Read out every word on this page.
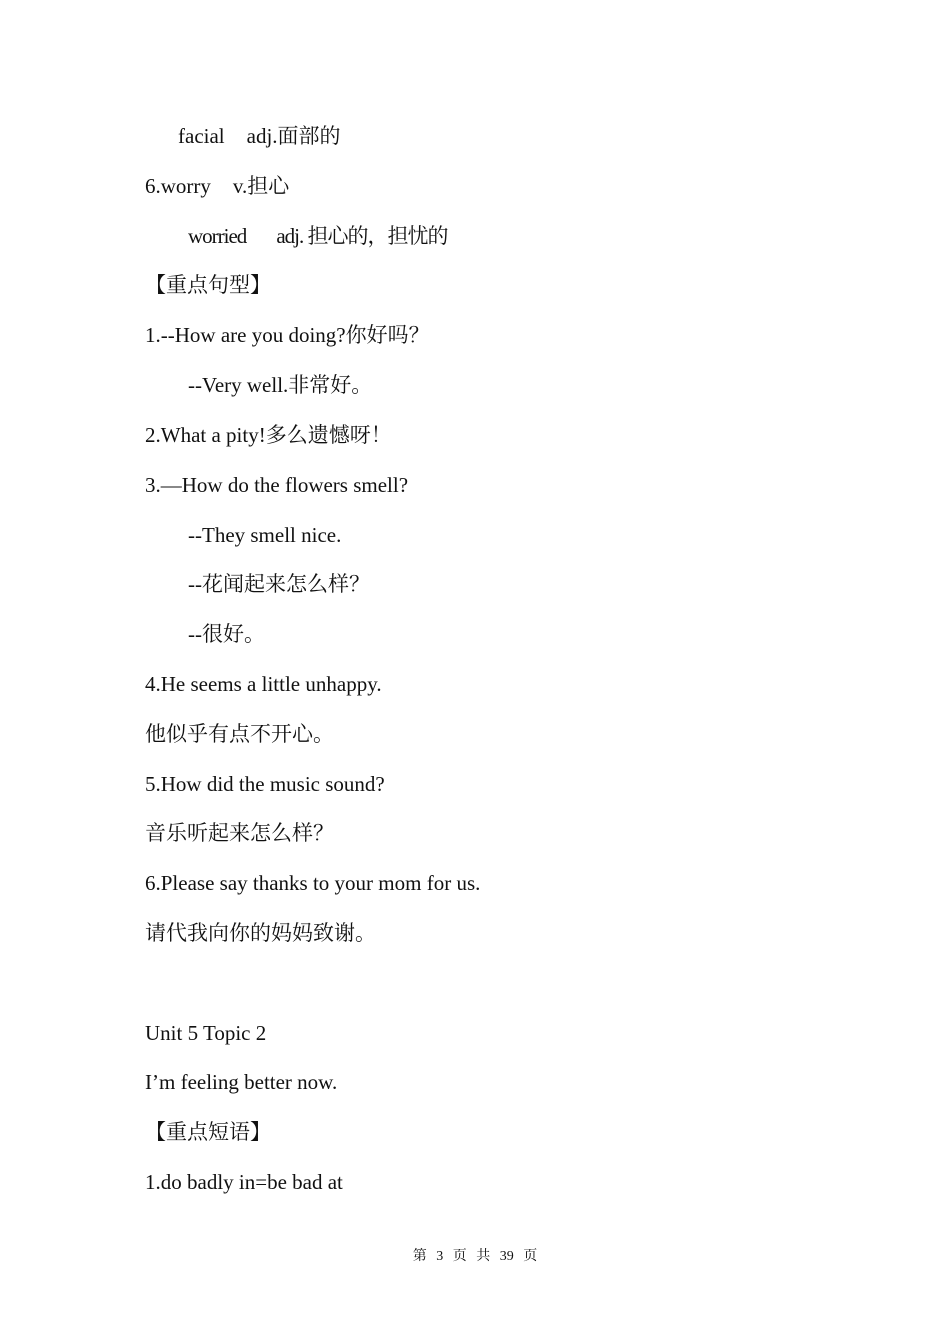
facial adj.面部的
6.worry v.担心
worried adj. 担心的，担忧的
【重点句型】
1.--How are you doing?你好吗？
--Very well.非常好。
2.What a pity!多么遗憾呀！
3.—How do the flowers smell?
--They smell nice.
--花闻起来怎么样？
--很好。
4.He seems a little unhappy.
他似乎有点不开心。
5.How did the music sound?
音乐听起来怎么样？
6.Please say thanks to your mom for us.
请代我向你的妈妈致谢。
Unit 5 Topic 2
I’m feeling better now.
【重点短语】
1.do badly in=be bad at
第 3 页 共 39 页
